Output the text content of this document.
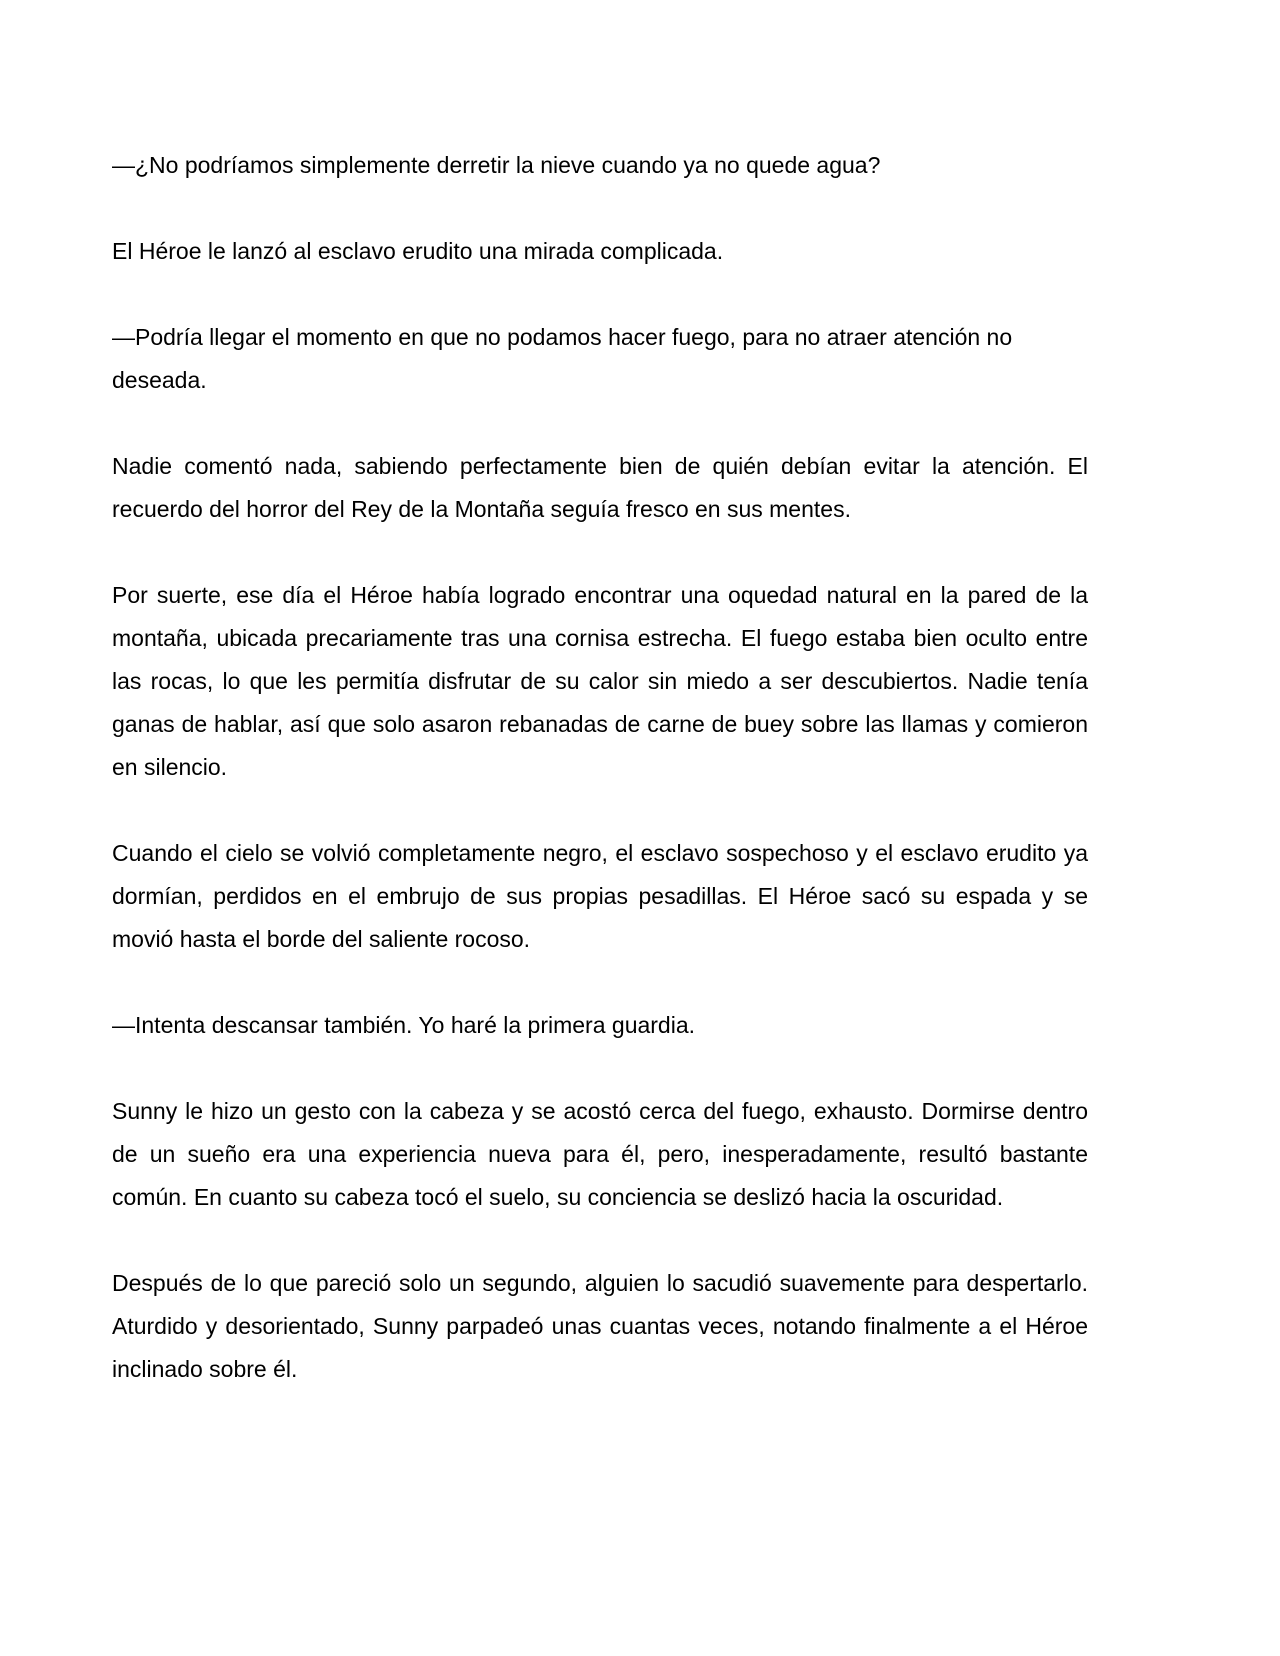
—¿No podríamos simplemente derretir la nieve cuando ya no quede agua?

El Héroe le lanzó al esclavo erudito una mirada complicada.

—Podría llegar el momento en que no podamos hacer fuego, para no atraer atención no deseada.

Nadie comentó nada, sabiendo perfectamente bien de quién debían evitar la atención. El recuerdo del horror del Rey de la Montaña seguía fresco en sus mentes.

Por suerte, ese día el Héroe había logrado encontrar una oquedad natural en la pared de la montaña, ubicada precariamente tras una cornisa estrecha. El fuego estaba bien oculto entre las rocas, lo que les permitía disfrutar de su calor sin miedo a ser descubiertos. Nadie tenía ganas de hablar, así que solo asaron rebanadas de carne de buey sobre las llamas y comieron en silencio.

Cuando el cielo se volvió completamente negro, el esclavo sospechoso y el esclavo erudito ya dormían, perdidos en el embrujo de sus propias pesadillas. El Héroe sacó su espada y se movió hasta el borde del saliente rocoso.

—Intenta descansar también. Yo haré la primera guardia.

Sunny le hizo un gesto con la cabeza y se acostó cerca del fuego, exhausto. Dormirse dentro de un sueño era una experiencia nueva para él, pero, inesperadamente, resultó bastante común. En cuanto su cabeza tocó el suelo, su conciencia se deslizó hacia la oscuridad.

Después de lo que pareció solo un segundo, alguien lo sacudió suavemente para despertarlo. Aturdido y desorientado, Sunny parpadeó unas cuantas veces, notando finalmente a el Héroe inclinado sobre él.
